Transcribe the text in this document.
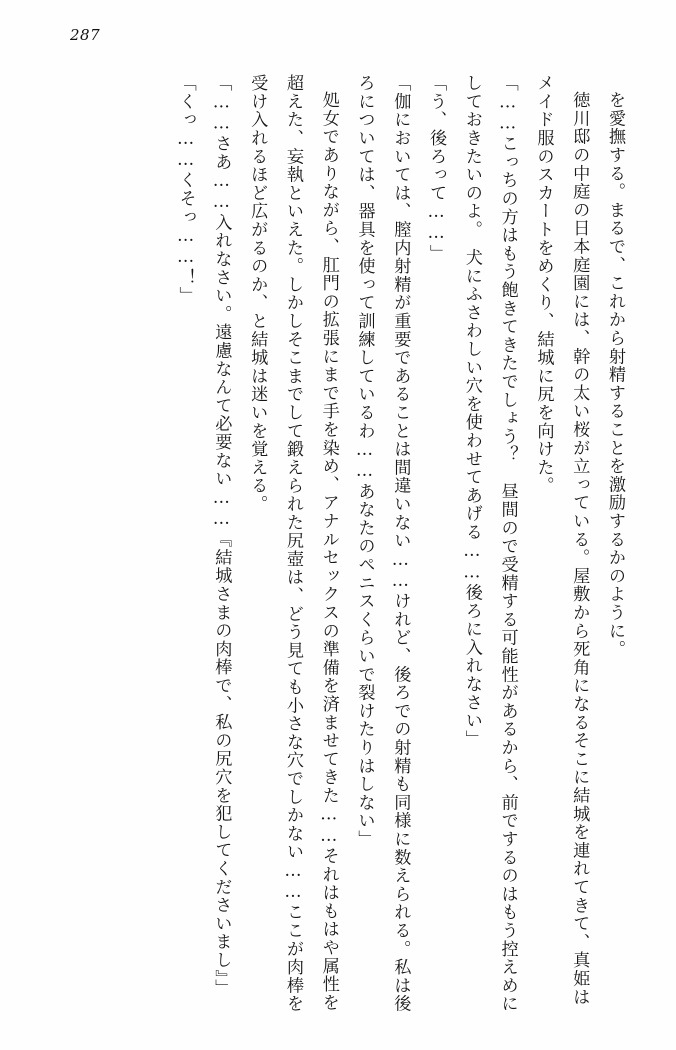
287

を愛撫する。まるで、これから射精することを激励するかのように。

徳川邸の中庭の日本庭園には、幹の太い桜が立っている。屋敷から死角になるそこに結城を連れてきて、真姫はメイド服のスカートをめくり、結城に尻を向けた。

「……こっちの方はもう飽きてきたでしょう？　昼間ので受精する可能性があるから、前でするのはもう控えめにしておきたいのよ。　犬にふさわしい穴を使わせてあげる……後ろに入れなさい」

「う、後ろって……」

「伽においては、膣内射精が重要であることは間違いない……けれど、後ろでの射精も同様に数えられる。私は後ろについては、器具を使って訓練しているわ……あなたのペニスくらいで裂けたりはしない」

処女でありながら、肛門の拡張にまで手を染め、アナルセックスの準備を済ませてきた……それはもはや属性を超えた、妄執といえた。しかしそこまでして鍛えられた尻壺は、どう見ても小さな穴でしかない……ここが肉棒を受け入れるほど広がるのか、と結城は迷いを覚える。

「……さあ……入れなさい。遠慮なんて必要ない……『結城さまの肉棒で、私の尻穴を犯してくださいまし』」

「くっ……くそっ……！」
